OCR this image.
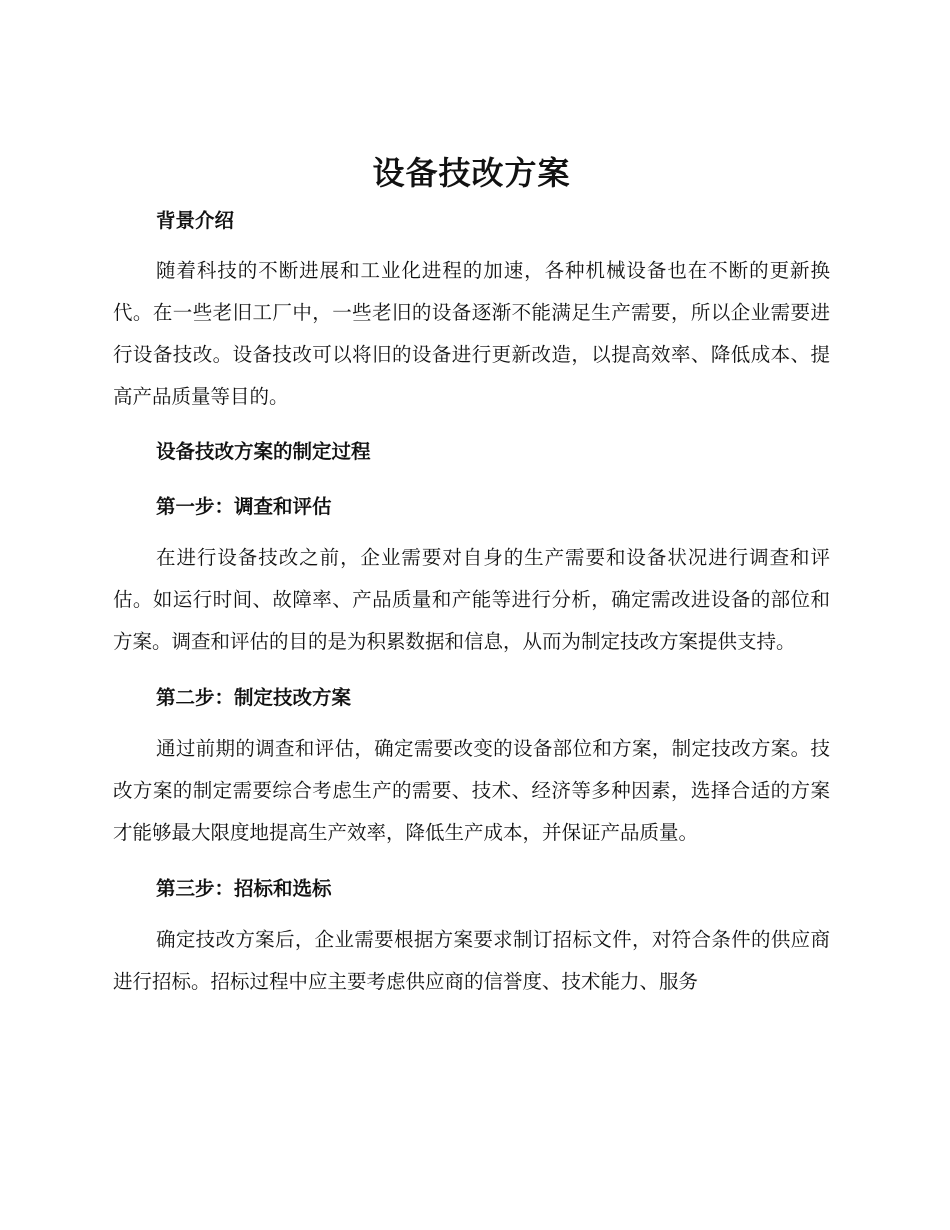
设备技改方案
背景介绍

随着科技的不断进展和工业化进程的加速，各种机械设备也在不断的更新换代。在一些老旧工厂中，一些老旧的设备逐渐不能满足生产需要，所以企业需要进行设备技改。设备技改可以将旧的设备进行更新改造，以提高效率、降低成本、提高产品质量等目的。

设备技改方案的制定过程
第一步：调查和评估

在进行设备技改之前，企业需要对自身的生产需要和设备状况进行调查和评估。如运行时间、故障率、产品质量和产能等进行分析，确定需改进设备的部位和方案。调查和评估的目的是为积累数据和信息，从而为制定技改方案提供支持。

第二步：制定技改方案

通过前期的调查和评估，确定需要改变的设备部位和方案，制定技改方案。技改方案的制定需要综合考虑生产的需要、技术、经济等多种因素，选择合适的方案才能够最大限度地提高生产效率，降低生产成本，并保证产品质量。

第三步：招标和选标

确定技改方案后，企业需要根据方案要求制订招标文件，对符合条件的供应商进行招标。招标过程中应主要考虑供应商的信誉度、技术能力、服务
